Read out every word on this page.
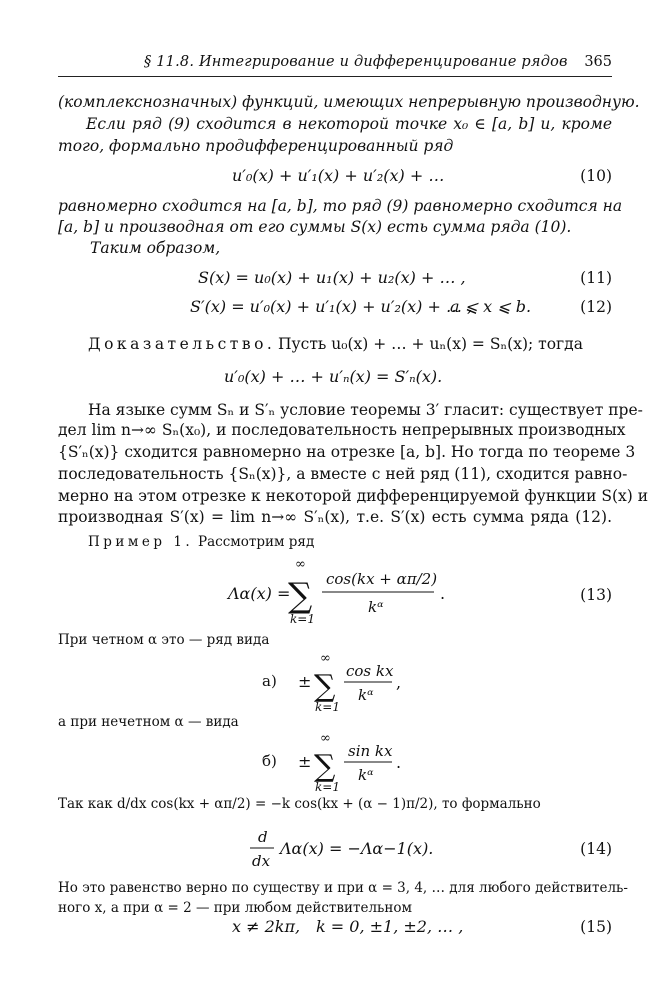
§ 11.8. Интегрирование и дифференцирование рядов 365
(комплекснозначных) функций, имеющих непрерывную производную.
Если ряд (9) сходится в некоторой точке x₀ ∈ [a, b] и, кроме
того, формально продифференцированный ряд
u′₀(x) + u′₁(x) + u′₂(x) + …	(10)
равномерно сходится на [a, b], то ряд (9) равномерно сходится на
[a, b] и производная от его суммы S(x) есть сумма ряда (10).
Таким образом,
S(x) = u₀(x) + u₁(x) + u₂(x) + … ,	(11)
S′(x) = u′₀(x) + u′₁(x) + u′₂(x) + … ,
a ⩽ x ⩽ b.	(12)
Доказательство. Пусть u₀(x) + … + uₙ(x) = Sₙ(x); тогда
u′₀(x) + … + u′ₙ(x) = S′ₙ(x).
На языке сумм Sₙ и S′ₙ условие теоремы 3′ гласит: существует пре-
дел lim n→∞ Sₙ(x₀), и последовательность непрерывных производных
{S′ₙ(x)} сходится равномерно на отрезке [a, b]. Но тогда по теореме 3
последовательность {Sₙ(x)}, а вместе с ней ряд (11), сходится равно-
мерно на этом отрезке к некоторой дифференцируемой функции S(x) и
производная S′(x) = lim n→∞ S′ₙ(x), т.е. S′(x) есть сумма ряда (12).
Пример 1. Рассмотрим ряд
Λα(x) =
∞
∑
k=1
cos(kx + απ/2)
kᵅ
.	(13)
При четном α это — ряд вида
а) ±
∞
∑
k=1
cos kx
kᵅ
,
а при нечетном α — вида
б) ±
∞
∑
k=1
sin kx
kᵅ
.
Так как d/dx cos(kx + απ/2) = −k cos(kx + (α − 1)π/2), то формально
d
dx
Λα(x) = −Λα−1(x).	(14)
Но это равенство верно по существу и при α = 3, 4, … для любого действитель-
ного x, а при α = 2 — при любом действительном
x ≠ 2kπ, k = 0, ±1, ±2, … ,	(15)
